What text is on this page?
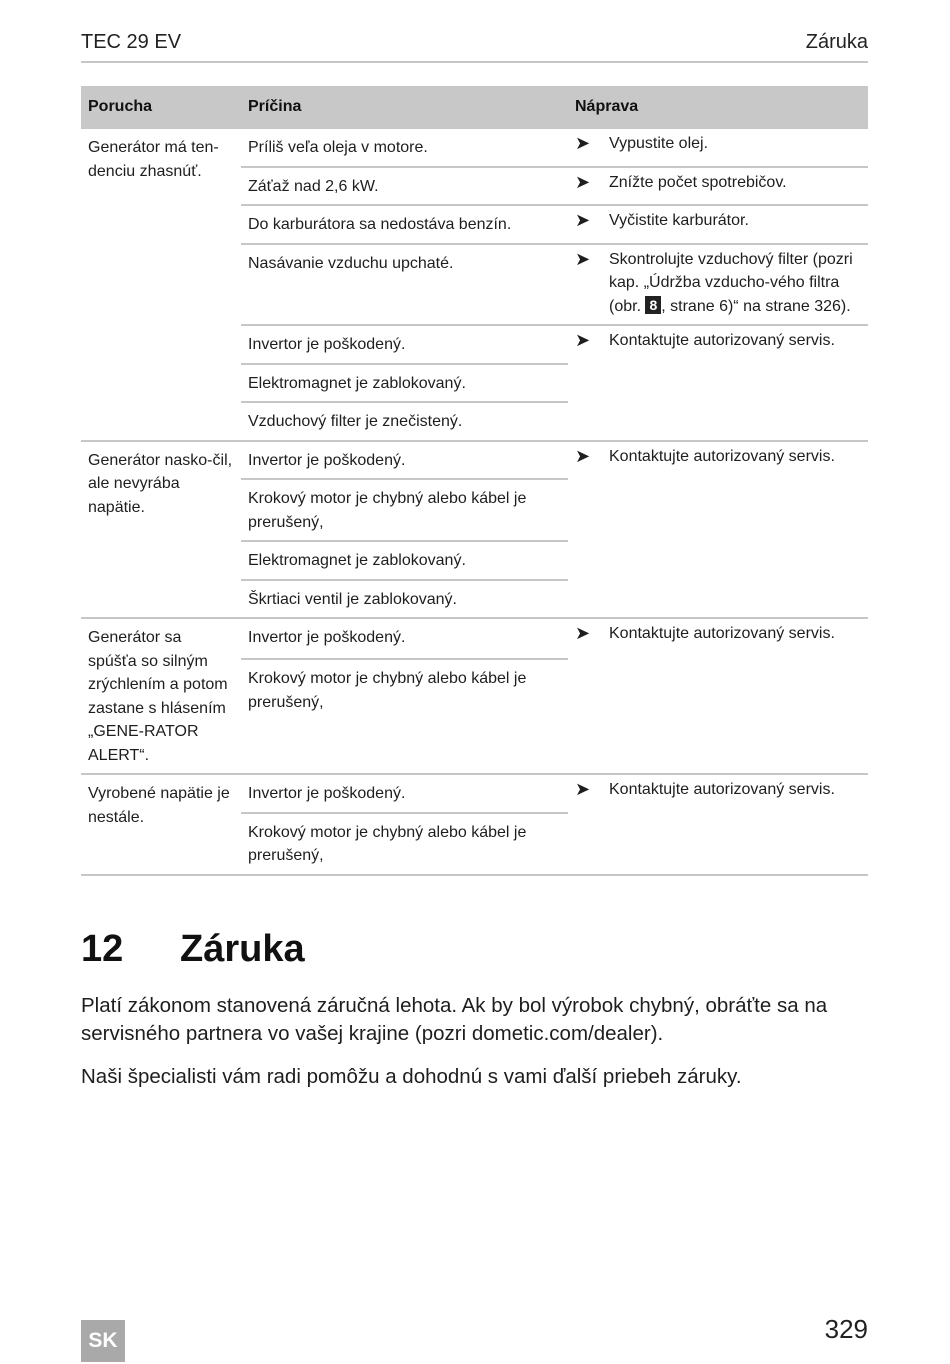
TEC 29 EV	Záruka
Porucha	Príčina	Náprava
Generátor má ten-denciu zhasnúť.	Príliš veľa oleja v motore.	➤ Vypustite olej.

	Záťaž nad 2,6 kW.	➤ Znížte počet spotrebičov.

	Do karburátora sa nedostáva benzín.	➤ Vyčistite karburátor.

	Nasávanie vzduchu upchaté.	➤ Skontrolujte vzduchový filter (pozri kap. „Údržba vzducho-vého filtra (obr. 8 , strane 6)“ na strane 326).

	Invertor je poškodený.	➤ Kontaktujte autorizovaný servis.

	Elektromagnet je zablokovaný.	
	Vzduchový filter je znečistený.	
Generátor nasko-čil, ale nevyrába napätie.	Invertor je poškodený.	➤ Kontaktujte autorizovaný servis.

	Krokový motor je chybný alebo kábel je prerušený,	
	Elektromagnet je zablokovaný.	
	Škrtiaci ventil je zablokovaný.	
Generátor sa spúšťa so silným zrýchlením a potom zastane s hlásením „GENE-RATOR ALERT“.	Invertor je poškodený.	➤ Kontaktujte autorizovaný servis.

	Krokový motor je chybný alebo kábel je prerušený,	
Vyrobené napätie je nestále.	Invertor je poškodený.	➤ Kontaktujte autorizovaný servis.

	Krokový motor je chybný alebo kábel je prerušený,	
12 Záruka

Platí zákonom stanovená záručná lehota. Ak by bol výrobok chybný, obráťte sa na servisného partnera vo vašej krajine (pozri dometic.com/dealer).

Naši špecialisti vám radi pomôžu a dohodnú s vami ďalší priebeh záruky.

SK	329
